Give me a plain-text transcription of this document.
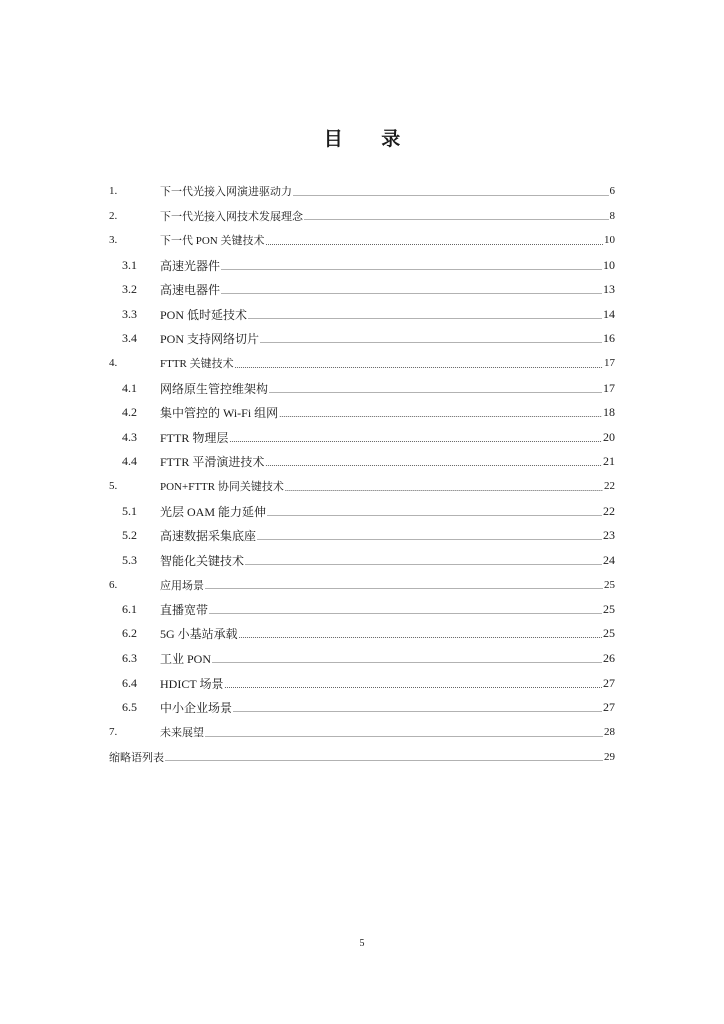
目 录
1.	下一代光接入网演进驱动力 .....	6
2.	下一代光接入网技术发展理念 .....	8
3.	下一代 PON 关键技术 .....	10
3.1	高速光器件 .....	10
3.2	高速电器件 .....	13
3.3	PON 低时延技术 .....	14
3.4	PON 支持网络切片 .....	16
4.	FTTR 关键技术 .....	17
4.1	网络原生管控维架构 .....	17
4.2	集中管控的 Wi-Fi 组网 .....	18
4.3	FTTR 物理层 .....	20
4.4	FTTR 平滑演进技术 .....	21
5.	PON+FTTR 协同关键技术 .....	22
5.1	光层 OAM 能力延伸 .....	22
5.2	高速数据采集底座 .....	23
5.3	智能化关键技术 .....	24
6.	应用场景 .....	25
6.1	直播宽带 .....	25
6.2	5G 小基站承载 .....	25
6.3	工业 PON .....	26
6.4	HDICT 场景 .....	27
6.5	中小企业场景 .....	27
7.	未来展望 .....	28
缩略语列表 .....	29
5
